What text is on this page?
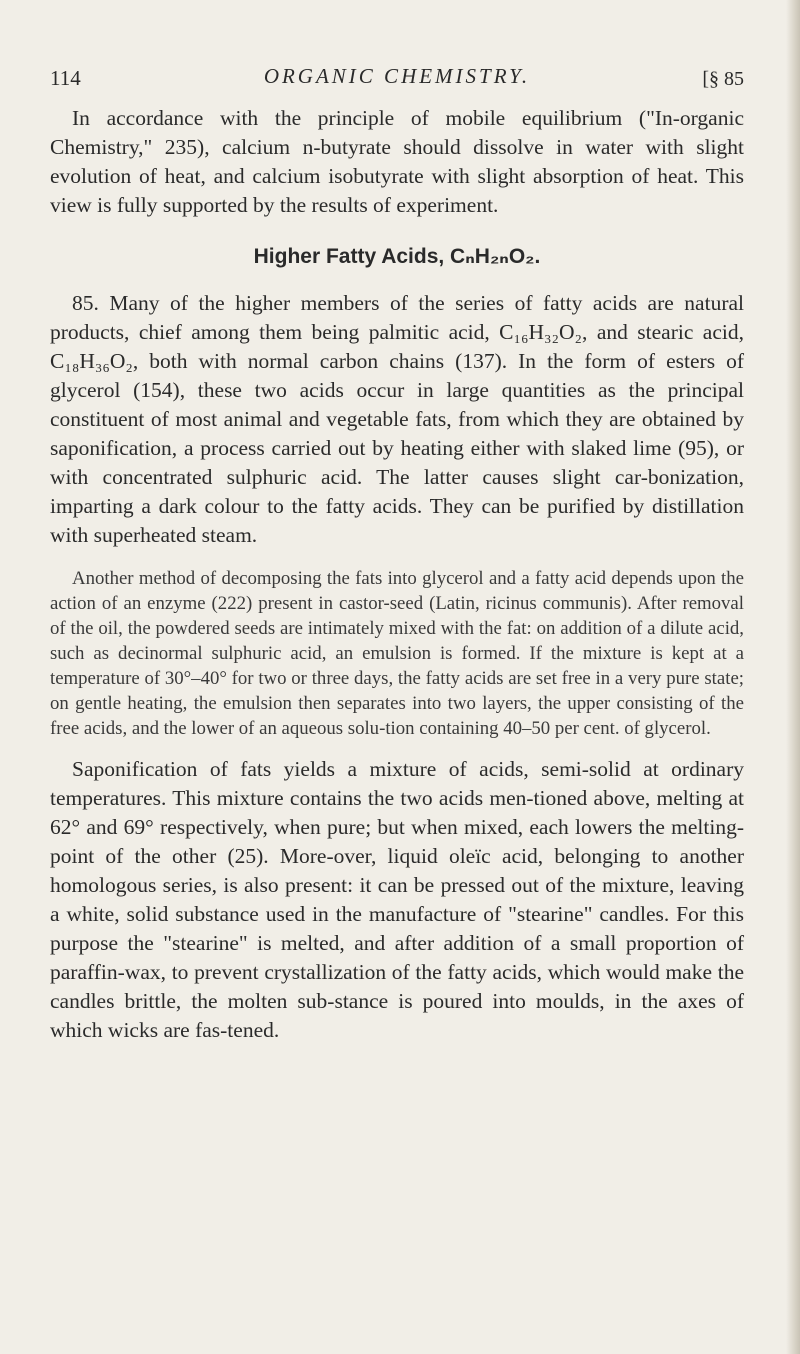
114	ORGANIC CHEMISTRY.	[§ 85

In accordance with the principle of mobile equilibrium ("In-organic Chemistry," 235), calcium n-butyrate should dissolve in water with slight evolution of heat, and calcium isobutyrate with slight absorption of heat. This view is fully supported by the results of experiment.

Higher Fatty Acids, CₙH₂ₙO₂.

85. Many of the higher members of the series of fatty acids are natural products, chief among them being palmitic acid, C₁₆H₃₂O₂, and stearic acid, C₁₈H₃₆O₂, both with normal carbon chains (137). In the form of esters of glycerol (154), these two acids occur in large quantities as the principal constituent of most animal and vegetable fats, from which they are obtained by saponification, a process carried out by heating either with slaked lime (95), or with concentrated sulphuric acid. The latter causes slight car-bonization, imparting a dark colour to the fatty acids. They can be purified by distillation with superheated steam.

Another method of decomposing the fats into glycerol and a fatty acid depends upon the action of an enzyme (222) present in castor-seed (Latin, ricinus communis). After removal of the oil, the powdered seeds are intimately mixed with the fat: on addition of a dilute acid, such as decinormal sulphuric acid, an emulsion is formed. If the mixture is kept at a temperature of 30°–40° for two or three days, the fatty acids are set free in a very pure state; on gentle heating, the emulsion then separates into two layers, the upper consisting of the free acids, and the lower of an aqueous solu-tion containing 40–50 per cent. of glycerol.

Saponification of fats yields a mixture of acids, semi-solid at ordinary temperatures. This mixture contains the two acids men-tioned above, melting at 62° and 69° respectively, when pure; but when mixed, each lowers the melting-point of the other (25). More-over, liquid oleïc acid, belonging to another homologous series, is also present: it can be pressed out of the mixture, leaving a white, solid substance used in the manufacture of "stearine" candles. For this purpose the "stearine" is melted, and after addition of a small proportion of paraffin-wax, to prevent crystallization of the fatty acids, which would make the candles brittle, the molten sub-stance is poured into moulds, in the axes of which wicks are fas-tened.
